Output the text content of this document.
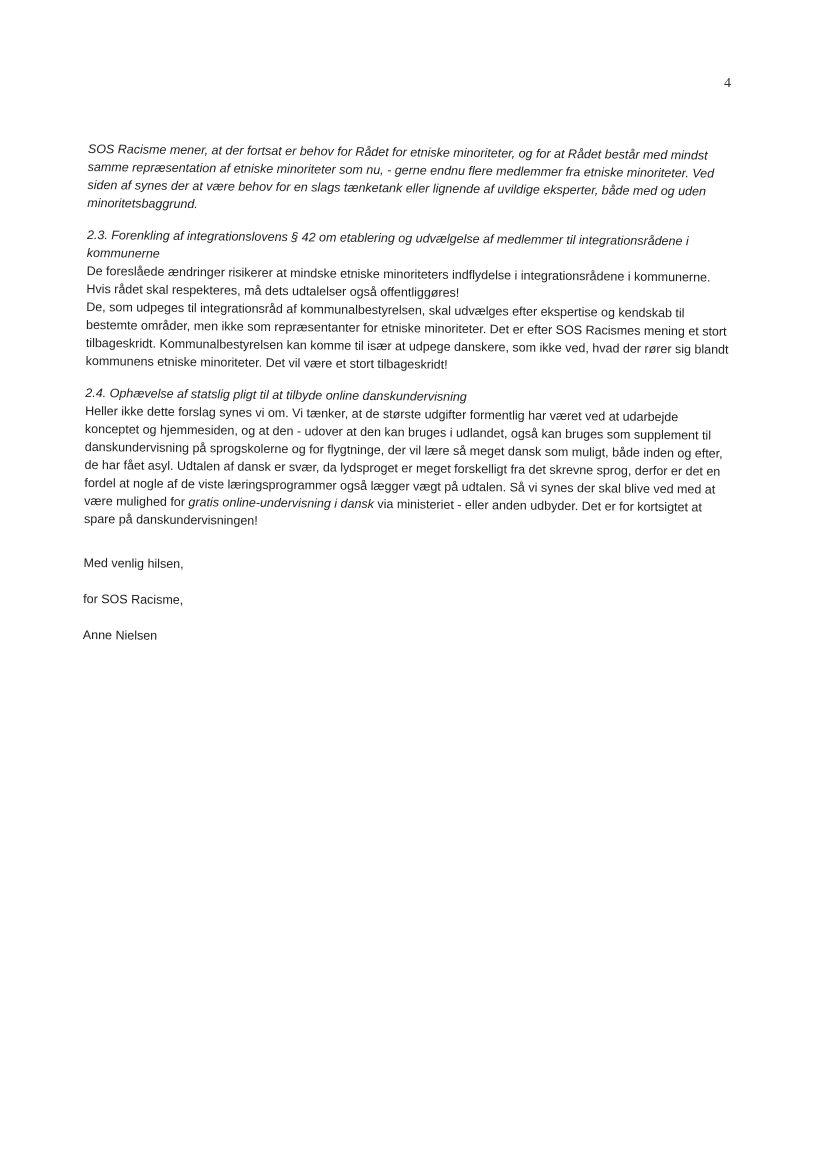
4

SOS Racisme mener, at der fortsat er behov for Rådet for etniske minoriteter, og for at Rådet består med mindst samme repræsentation af etniske minoriteter som nu, - gerne endnu flere medlemmer fra etniske minoriteter. Ved siden af synes der at være behov for en slags tænketank eller lignende af uvildige eksperter, både med og uden minoritetsbaggrund.

2.3. Forenkling af integrationslovens § 42 om etablering og udvælgelse af medlemmer til integrationsrådene i kommunerne
De foreslåede ændringer risikerer at mindske etniske minoriteters indflydelse i integrationsrådene i kommunerne. Hvis rådet skal respekteres, må dets udtalelser også offentliggøres!
De, som udpeges til integrationsråd af kommunalbestyrelsen, skal udvælges efter ekspertise og kendskab til bestemte områder, men ikke som repræsentanter for etniske minoriteter. Det er efter SOS Racismes mening et stort tilbageskridt. Kommunalbestyrelsen kan komme til især at udpege danskere, som ikke ved, hvad der rører sig blandt kommunens etniske minoriteter. Det vil være et stort tilbageskridt!
2.4. Ophævelse af statslig pligt til at tilbyde online danskundervisning
Heller ikke dette forslag synes vi om. Vi tænker, at de største udgifter formentlig har været ved at udarbejde konceptet og hjemmesiden, og at den - udover at den kan bruges i udlandet, også kan bruges som supplement til danskundervisning på sprogskolerne og for flygtninge, der vil lære så meget dansk som muligt, både inden og efter, de har fået asyl. Udtalen af dansk er svær, da lydsproget er meget forskelligt fra det skrevne sprog, derfor er det en fordel at nogle af de viste læringsprogrammer også lægger vægt på udtalen. Så vi synes der skal blive ved med at være mulighed for gratis online-undervisning i dansk via ministeriet - eller anden udbyder. Det er for kortsigtet at spare på danskundervisningen!

Med venlig hilsen,

for SOS Racisme,

Anne Nielsen
